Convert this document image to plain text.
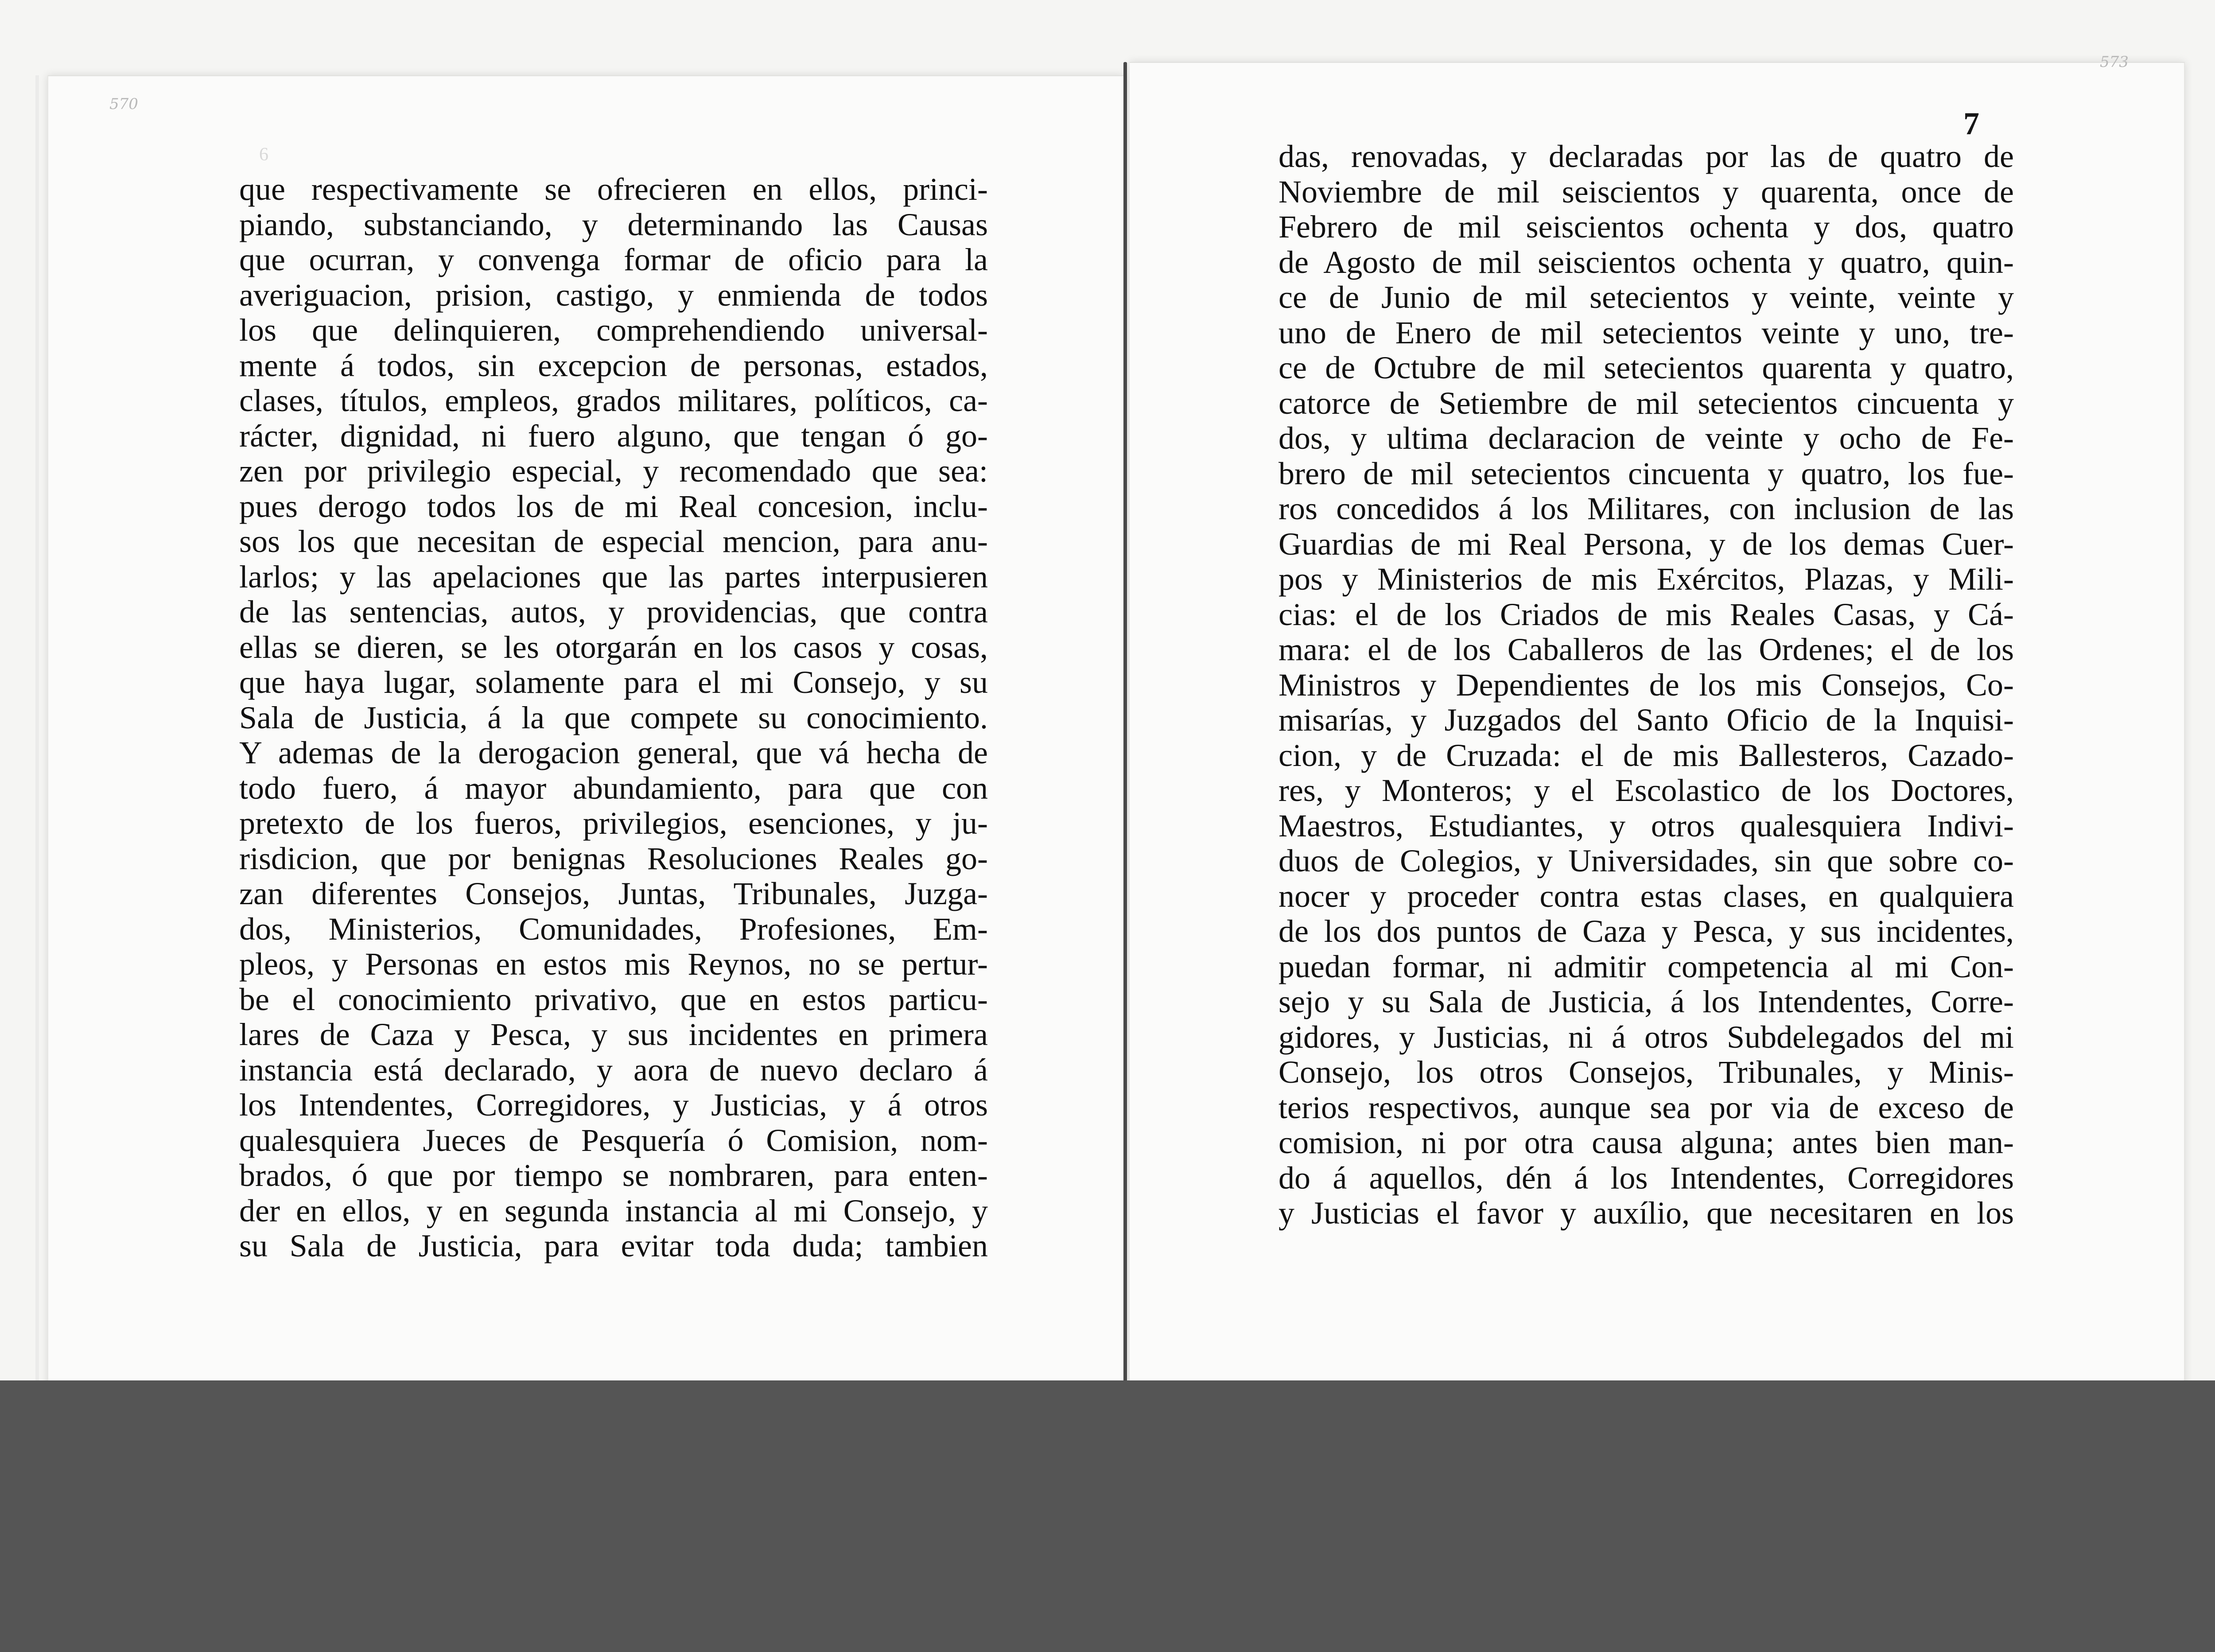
570
6
573
7
que respectivamente se ofrecieren en ellos, princi-
piando, substanciando, y determinando las Causas
que ocurran, y convenga formar de oficio para la
averiguacion, prision, castigo, y enmienda de todos
los que delinquieren, comprehendiendo universal-
mente á todos, sin excepcion de personas, estados,
clases, títulos, empleos, grados militares, políticos, ca-
rácter, dignidad, ni fuero alguno, que tengan ó go-
zen por privilegio especial, y recomendado que sea:
pues derogo todos los de mi Real concesion, inclu-
sos los que necesitan de especial mencion, para anu-
larlos; y las apelaciones que las partes interpusieren
de las sentencias, autos, y providencias, que contra
ellas se dieren, se les otorgarán en los casos y cosas,
que haya lugar, solamente para el mi Consejo, y su
Sala de Justicia, á la que compete su conocimiento.
Y ademas de la derogacion general, que vá hecha de
todo fuero, á mayor abundamiento, para que con
pretexto de los fueros, privilegios, esenciones, y ju-
risdicion, que por benignas Resoluciones Reales go-
zan diferentes Consejos, Juntas, Tribunales, Juzga-
dos, Ministerios, Comunidades, Profesiones, Em-
pleos, y Personas en estos mis Reynos, no se pertur-
be el conocimiento privativo, que en estos particu-
lares de Caza y Pesca, y sus incidentes en primera
instancia está declarado, y aora de nuevo declaro á
los Intendentes, Corregidores, y Justicias, y á otros
qualesquiera Jueces de Pesquería ó Comision, nom-
brados, ó que por tiempo se nombraren, para enten-
der en ellos, y en segunda instancia al mi Consejo, y
su Sala de Justicia, para evitar toda duda; tambien
das, renovadas, y declaradas por las de quatro de
Noviembre de mil seiscientos y quarenta, once de
Febrero de mil seiscientos ochenta y dos, quatro
de Agosto de mil seiscientos ochenta y quatro, quin-
ce de Junio de mil setecientos y veinte, veinte y
uno de Enero de mil setecientos veinte y uno, tre-
ce de Octubre de mil setecientos quarenta y quatro,
catorce de Setiembre de mil setecientos cincuenta y
dos, y ultima declaracion de veinte y ocho de Fe-
brero de mil setecientos cincuenta y quatro, los fue-
ros concedidos á los Militares, con inclusion de las
Guardias de mi Real Persona, y de los demas Cuer-
pos y Ministerios de mis Exércitos, Plazas, y Mili-
cias: el de los Criados de mis Reales Casas, y Cá-
mara: el de los Caballeros de las Ordenes; el de los
Ministros y Dependientes de los mis Consejos, Co-
misarías, y Juzgados del Santo Oficio de la Inquisi-
cion, y de Cruzada: el de mis Ballesteros, Cazado-
res, y Monteros; y el Escolastico de los Doctores,
Maestros, Estudiantes, y otros qualesquiera Indivi-
duos de Colegios, y Universidades, sin que sobre co-
nocer y proceder contra estas clases, en qualquiera
de los dos puntos de Caza y Pesca, y sus incidentes,
puedan formar, ni admitir competencia al mi Con-
sejo y su Sala de Justicia, á los Intendentes, Corre-
gidores, y Justicias, ni á otros Subdelegados del mi
Consejo, los otros Consejos, Tribunales, y Minis-
terios respectivos, aunque sea por via de exceso de
comision, ni por otra causa alguna; antes bien man-
do á aquellos, dén á los Intendentes, Corregidores
y Justicias el favor y auxílio, que necesitaren en los
